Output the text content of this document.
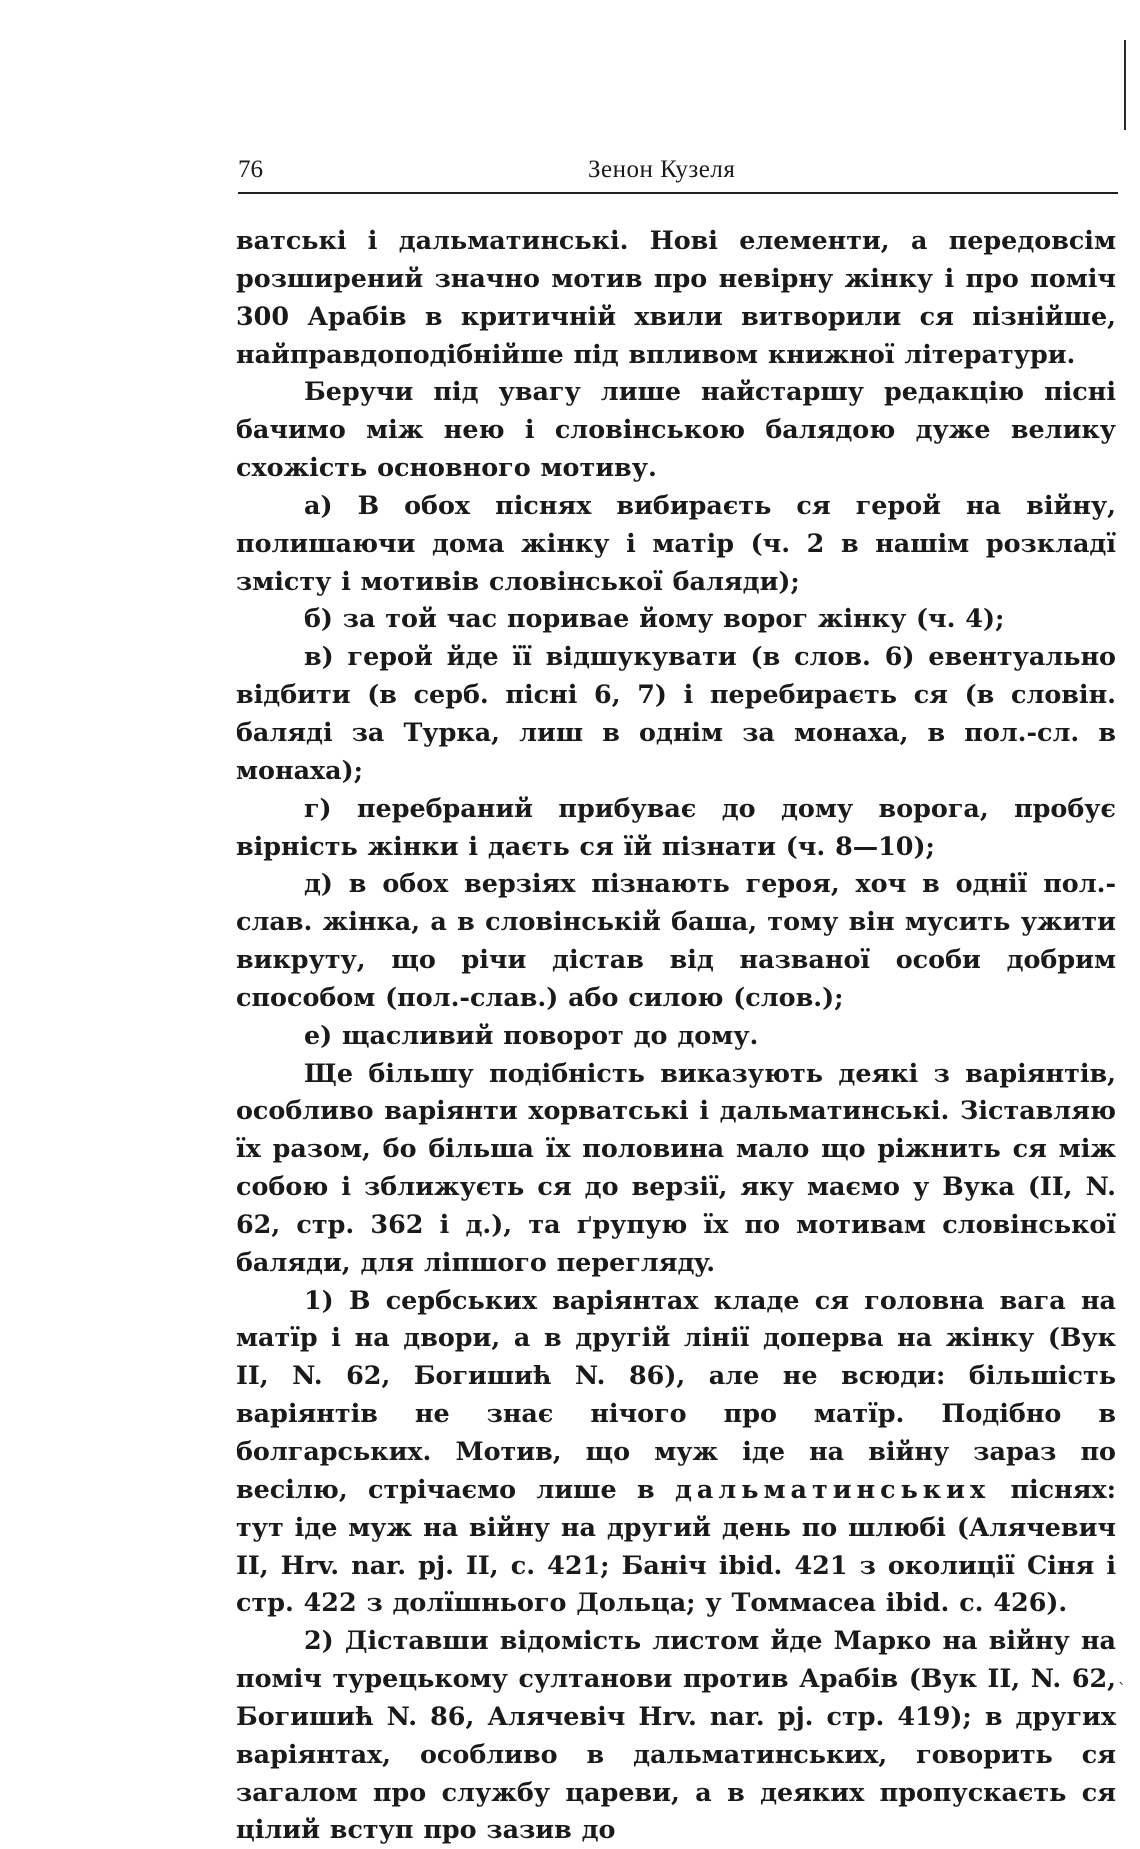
76	Зенон Кузеля

ватські і дальматинські. Нові елементи, а передовсім розширений значно мотив про невірну жінку і про поміч 300 Арабів в критичній хвили витворили ся пізнійше, найправдоподібнійше під впливом книжної літератури.

Беручи під увагу лише найстаршу редакцію пісні бачимо між нею і словінською балядою дуже велику схожість основного мотиву.

а) В обох піснях вибираєть ся герой на війну, полишаючи дома жінку і матір (ч. 2 в нашім розкладї змісту і мотивів словінської баляди);

б) за той час поривае йому ворог жінку (ч. 4);

в) герой йде її відшукувати (в слов. 6) евентуально відбити (в серб. пісні 6, 7) і перебираєть ся (в словін. баляді за Турка, лиш в однім за монаха, в пол.-сл. в монаха);

г) перебраний прибуває до дому ворога, пробує вірність жінки і даєть ся їй пізнати (ч. 8—10);

д) в обох верзіях пізнають героя, хоч в однії пол.-слав. жінка, а в словінській баша, тому він мусить ужити викруту, що річи дістав від названої особи добрим способом (пол.-слав.) або силою (слов.);

е) щасливий поворот до дому.

Ще більшу подібність виказують деякі з варіянтів, особливо варіянти хорватські і дальматинські. Зіставляю їх разом, бо більша їх половина мало що ріжнить ся між собою і зближуєть ся до верзії, яку маємо у Вука (II, N. 62, стр. 362 і д.), та ґрупую їх по мотивам словінської баляди, для ліпшого переглядy.

1) В сербських варіянтах кладе ся головна вага на матїр і на двори, а в другій лінії допервa на жінку (Вук II, N. 62, Богишић N. 86), але не всюди: більшість варіянтів не знає нічого про матїр. Подібно в болгарських. Мотив, що муж іде на війну зараз по весілю, стрічаємо лише в дальматинських піснях: тут іде муж на війну на другий день по шлюбі (Алячевич II, Hrv. nar. pj. II, c. 421; Баніч ibid. 421 з околиції Сіня і стр. 422 з долїшнього Дольца; у Томмасеа ibid. c. 426).

2) Діставши відомість листом йде Марко на війну на поміч турецькому султанови против Арабів (Вук II, N. 62, Богишић N. 86, Алячевіч Hrv. nar. pj. стр. 419); в других варіянтах, особливо в дальматинських, говорить ся загалом про службу цареви, а в деяких пропускаєть ся цілий вступ про зазив до

ˋ
